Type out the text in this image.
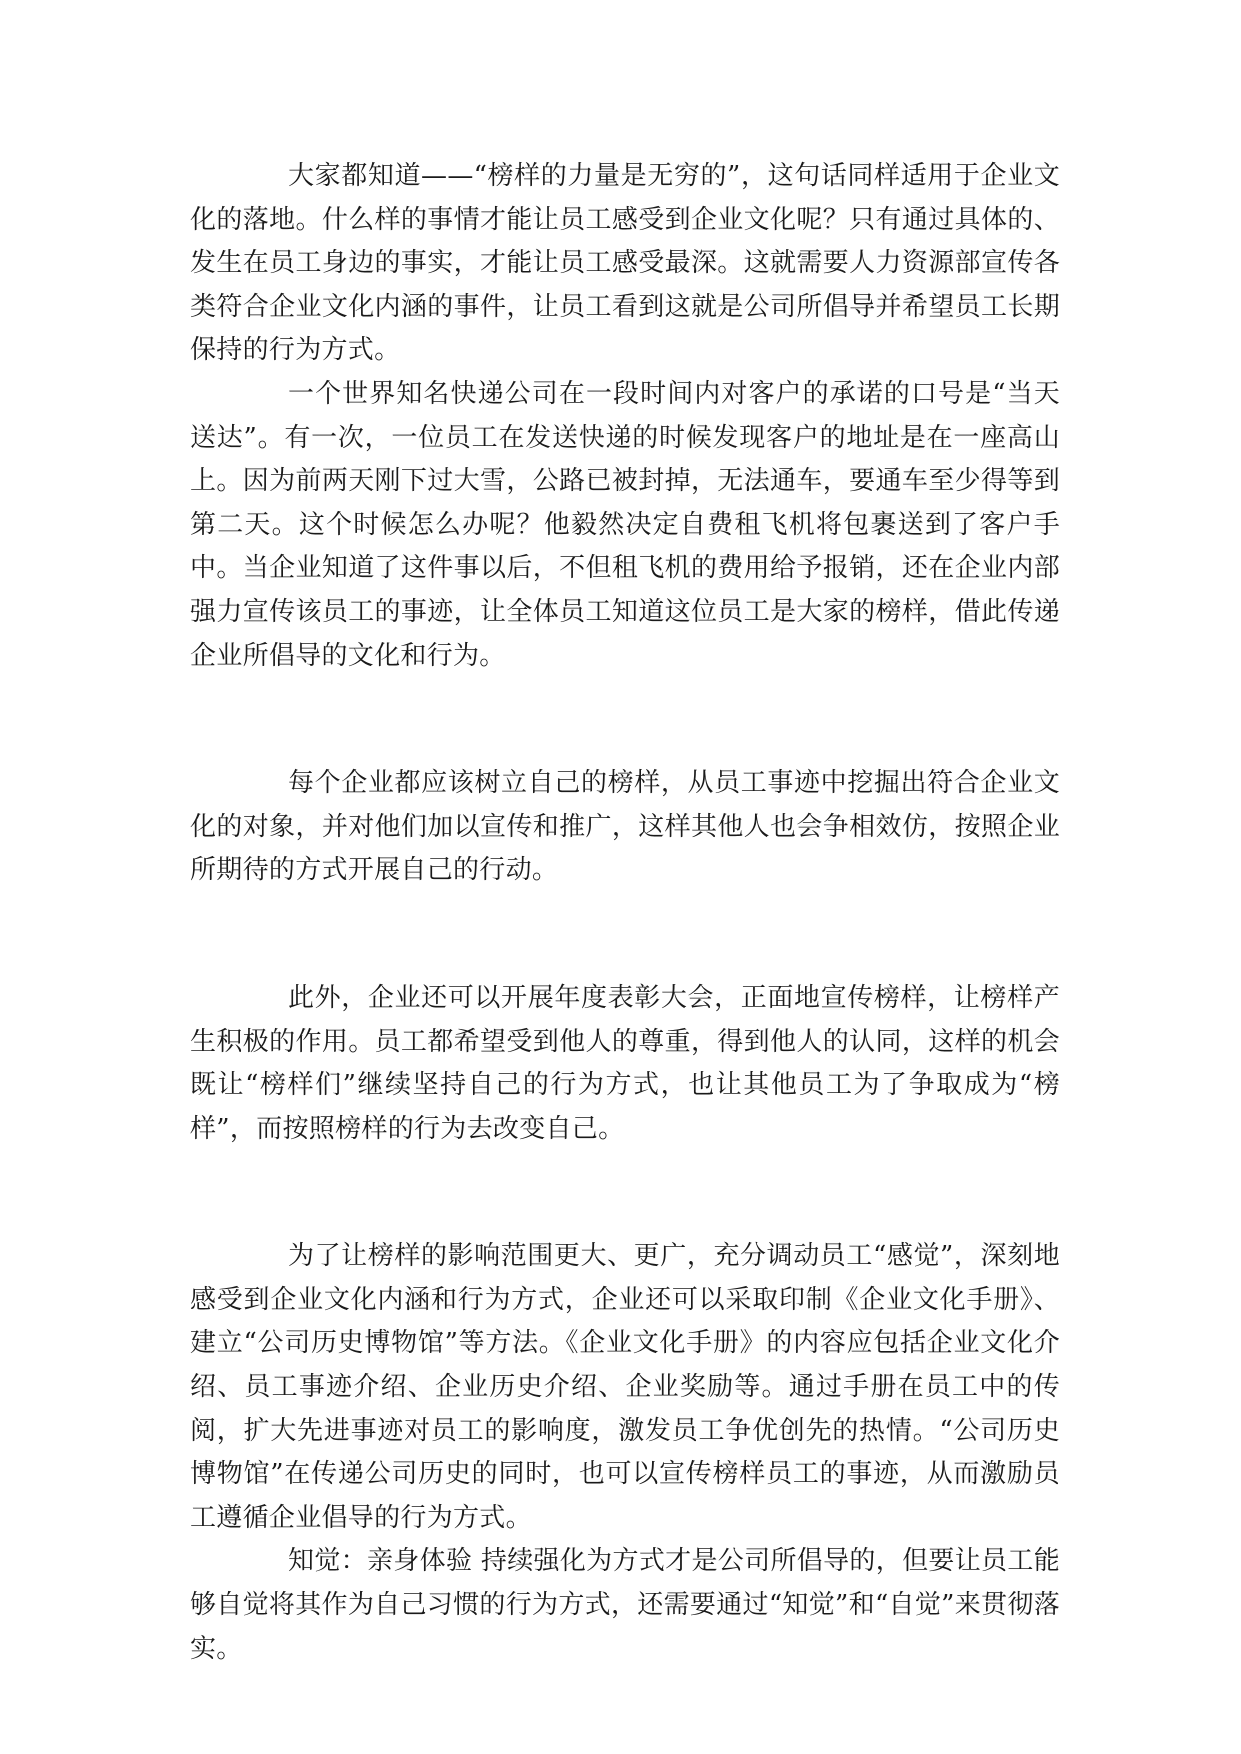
大家都知道——“榜样的力量是无穷的”，这句话同样适用于企业文化的落地。什么样的事情才能让员工感受到企业文化呢？只有通过具体的、发生在员工身边的事实，才能让员工感受最深。这就需要人力资源部宣传各类符合企业文化内涵的事件，让员工看到这就是公司所倡导并希望员工长期保持的行为方式。

一个世界知名快递公司在一段时间内对客户的承诺的口号是“当天送达”。有一次，一位员工在发送快递的时候发现客户的地址是在一座高山上。因为前两天刚下过大雪，公路已被封掉，无法通车，要通车至少得等到第二天。这个时候怎么办呢？他毅然决定自费租飞机将包裹送到了客户手中。当企业知道了这件事以后，不但租飞机的费用给予报销，还在企业内部强力宣传该员工的事迹，让全体员工知道这位员工是大家的榜样，借此传递企业所倡导的文化和行为。

每个企业都应该树立自己的榜样，从员工事迹中挖掘出符合企业文化的对象，并对他们加以宣传和推广，这样其他人也会争相效仿，按照企业所期待的方式开展自己的行动。

此外，企业还可以开展年度表彰大会，正面地宣传榜样，让榜样产生积极的作用。员工都希望受到他人的尊重，得到他人的认同，这样的机会既让“榜样们”继续坚持自己的行为方式，也让其他员工为了争取成为“榜样”，而按照榜样的行为去改变自己。

为了让榜样的影响范围更大、更广，充分调动员工“感觉”，深刻地感受到企业文化内涵和行为方式，企业还可以采取印制《企业文化手册》、建立“公司历史博物馆”等方法。《企业文化手册》的内容应包括企业文化介绍、员工事迹介绍、企业历史介绍、企业奖励等。通过手册在员工中的传阅，扩大先进事迹对员工的影响度，激发员工争优创先的热情。“公司历史博物馆”在传递公司历史的同时，也可以宣传榜样员工的事迹，从而激励员工遵循企业倡导的行为方式。

知觉：亲身体验 持续强化为方式才是公司所倡导的，但要让员工能够自觉将其作为自己习惯的行为方式，还需要通过“知觉”和“自觉”来贯彻落实。
